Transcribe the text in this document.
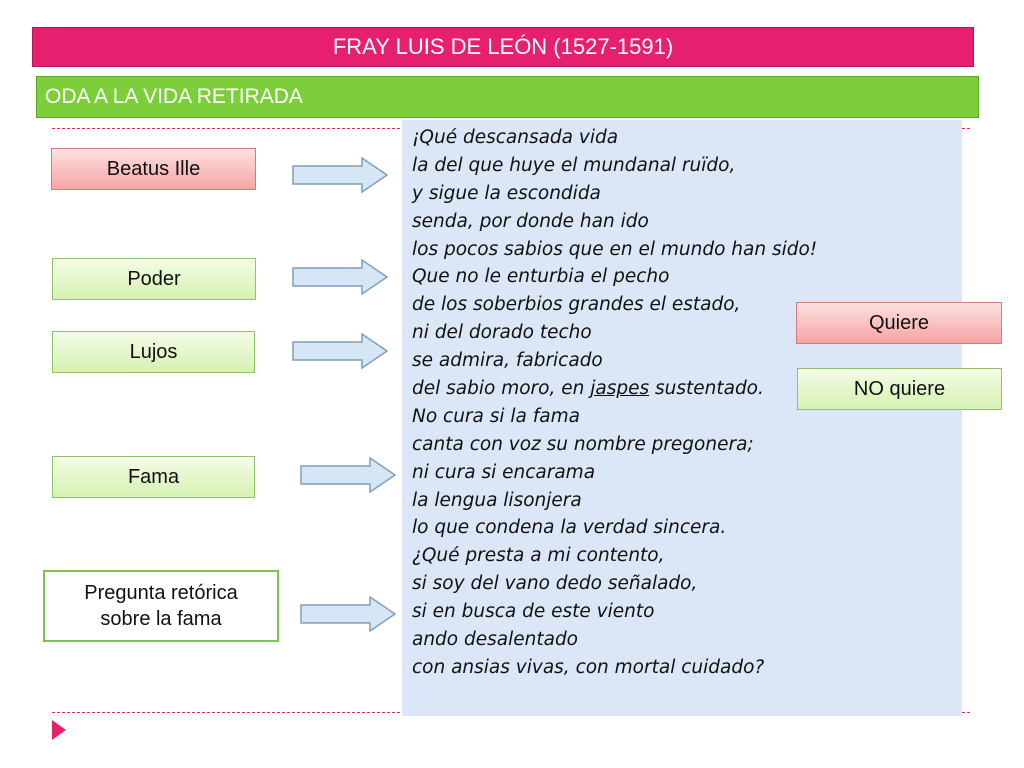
FRAY LUIS DE LEÓN (1527-1591)
ODA A LA VIDA RETIRADA
¡Qué descansada vida
la del que huye el mundanal ruïdo,
y sigue la escondida
senda, por donde han ido
los pocos sabios que en el mundo han sido!
Que no le enturbia el pecho
de los soberbios grandes el estado,
ni del dorado techo
se admira, fabricado
del sabio moro, en jaspes sustentado.
No cura si la fama
canta con voz su nombre pregonera;
ni cura si encarama
la lengua lisonjera
lo que condena la verdad sincera.
¿Qué presta a mi contento,
si soy del vano dedo señalado,
si en busca de este viento
ando desalentado
con ansias vivas, con mortal cuidado?
Beatus Ille
Poder
Lujos
Fama
Pregunta retórica
sobre la fama
Quiere
NO quiere
